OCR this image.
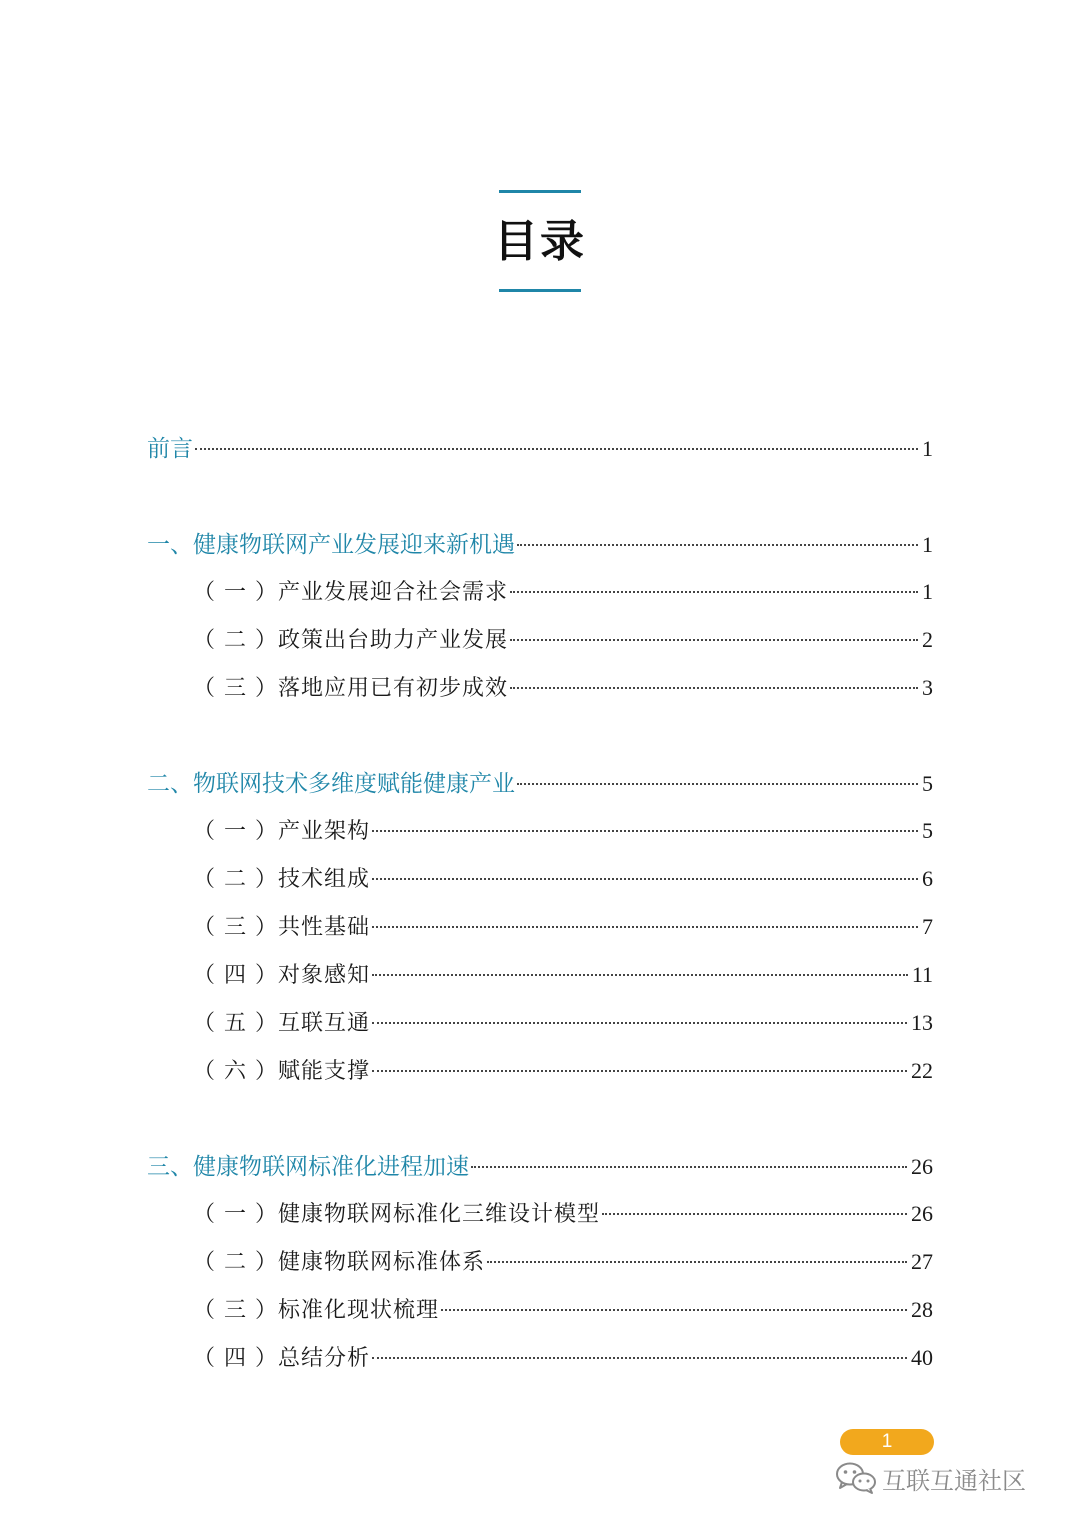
目录
前言	1
一、健康物联网产业发展迎来新机遇	1
（ 一 ）产业发展迎合社会需求	1
（ 二 ）政策出台助力产业发展	2
（ 三 ）落地应用已有初步成效	3
二、物联网技术多维度赋能健康产业	5
（ 一 ）产业架构	5
（ 二 ）技术组成	6
（ 三 ）共性基础	7
（ 四 ）对象感知	11
（ 五 ）互联互通	13
（ 六 ）赋能支撑	22
三、健康物联网标准化进程加速	26
（ 一 ）健康物联网标准化三维设计模型	26
（ 二 ）健康物联网标准体系	27
（ 三 ）标准化现状梳理	28
（ 四 ）总结分析	40
1
互联互通社区
